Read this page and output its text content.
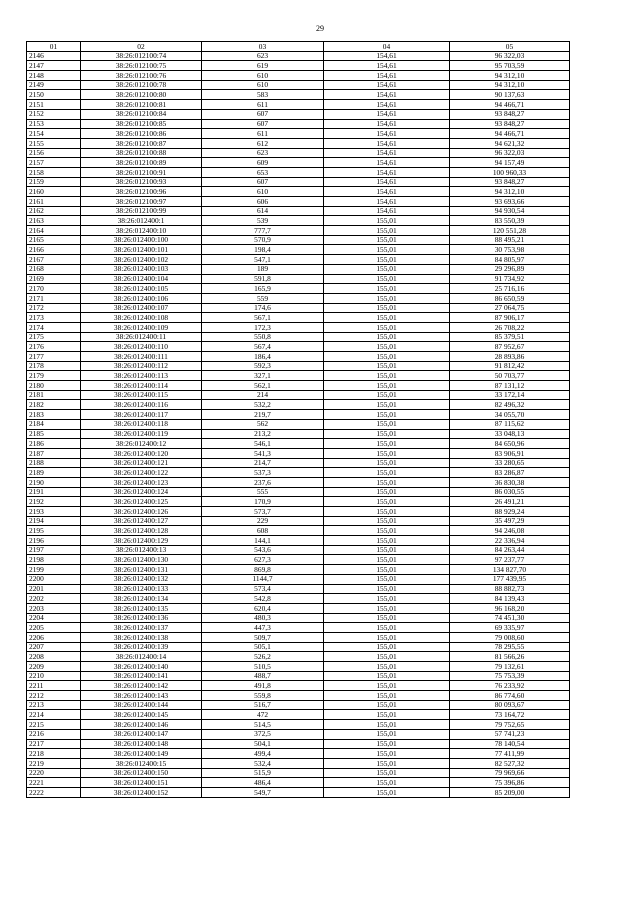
29
01	02	03	04	05
2146	38:26:012100:74	623	154,61	96 322,03
2147	38:26:012100:75	619	154,61	95 703,59
2148	38:26:012100:76	610	154,61	94 312,10
2149	38:26:012100:78	610	154,61	94 312,10
2150	38:26:012100:80	583	154,61	90 137,63
2151	38:26:012100:81	611	154,61	94 466,71
2152	38:26:012100:84	607	154,61	93 848,27
2153	38:26:012100:85	607	154,61	93 848,27
2154	38:26:012100:86	611	154,61	94 466,71
2155	38:26:012100:87	612	154,61	94 621,32
2156	38:26:012100:88	623	154,61	96 322,03
2157	38:26:012100:89	609	154,61	94 157,49
2158	38:26:012100:91	653	154,61	100 960,33
2159	38:26:012100:93	607	154,61	93 848,27
2160	38:26:012100:96	610	154,61	94 312,10
2161	38:26:012100:97	606	154,61	93 693,66
2162	38:26:012100:99	614	154,61	94 930,54
2163	38:26:012400:1	539	155,01	83 550,39
2164	38:26:012400:10	777,7	155,01	120 551,28
2165	38:26:012400:100	570,9	155,01	88 495,21
2166	38:26:012400:101	198,4	155,01	30 753,98
2167	38:26:012400:102	547,1	155,01	84 805,97
2168	38:26:012400:103	189	155,01	29 296,89
2169	38:26:012400:104	591,8	155,01	91 734,92
2170	38:26:012400:105	165,9	155,01	25 716,16
2171	38:26:012400:106	559	155,01	86 650,59
2172	38:26:012400:107	174,6	155,01	27 064,75
2173	38:26:012400:108	567,1	155,01	87 906,17
2174	38:26:012400:109	172,3	155,01	26 708,22
2175	38:26:012400:11	550,8	155,01	85 379,51
2176	38:26:012400:110	567,4	155,01	87 952,67
2177	38:26:012400:111	186,4	155,01	28 893,86
2178	38:26:012400:112	592,3	155,01	91 812,42
2179	38:26:012400:113	327,1	155,01	50 703,77
2180	38:26:012400:114	562,1	155,01	87 131,12
2181	38:26:012400:115	214	155,01	33 172,14
2182	38:26:012400:116	532,2	155,01	82 496,32
2183	38:26:012400:117	219,7	155,01	34 055,70
2184	38:26:012400:118	562	155,01	87 115,62
2185	38:26:012400:119	213,2	155,01	33 048,13
2186	38:26:012400:12	546,1	155,01	84 650,96
2187	38:26:012400:120	541,3	155,01	83 906,91
2188	38:26:012400:121	214,7	155,01	33 280,65
2189	38:26:012400:122	537,3	155,01	83 286,87
2190	38:26:012400:123	237,6	155,01	36 830,38
2191	38:26:012400:124	555	155,01	86 030,55
2192	38:26:012400:125	170,9	155,01	26 491,21
2193	38:26:012400:126	573,7	155,01	88 929,24
2194	38:26:012400:127	229	155,01	35 497,29
2195	38:26:012400:128	608	155,01	94 246,08
2196	38:26:012400:129	144,1	155,01	22 336,94
2197	38:26:012400:13	543,6	155,01	84 263,44
2198	38:26:012400:130	627,3	155,01	97 237,77
2199	38:26:012400:131	869,8	155,01	134 827,70
2200	38:26:012400:132	1144,7	155,01	177 439,95
2201	38:26:012400:133	573,4	155,01	88 882,73
2202	38:26:012400:134	542,8	155,01	84 139,43
2203	38:26:012400:135	620,4	155,01	96 168,20
2204	38:26:012400:136	480,3	155,01	74 451,30
2205	38:26:012400:137	447,3	155,01	69 335,97
2206	38:26:012400:138	509,7	155,01	79 008,60
2207	38:26:012400:139	505,1	155,01	78 295,55
2208	38:26:012400:14	526,2	155,01	81 566,26
2209	38:26:012400:140	510,5	155,01	79 132,61
2210	38:26:012400:141	488,7	155,01	75 753,39
2211	38:26:012400:142	491,8	155,01	76 233,92
2212	38:26:012400:143	559,8	155,01	86 774,60
2213	38:26:012400:144	516,7	155,01	80 093,67
2214	38:26:012400:145	472	155,01	73 164,72
2215	38:26:012400:146	514,5	155,01	79 752,65
2216	38:26:012400:147	372,5	155,01	57 741,23
2217	38:26:012400:148	504,1	155,01	78 140,54
2218	38:26:012400:149	499,4	155,01	77 411,99
2219	38:26:012400:15	532,4	155,01	82 527,32
2220	38:26:012400:150	515,9	155,01	79 969,66
2221	38:26:012400:151	486,4	155,01	75 396,86
2222	38:26:012400:152	549,7	155,01	85 209,00
